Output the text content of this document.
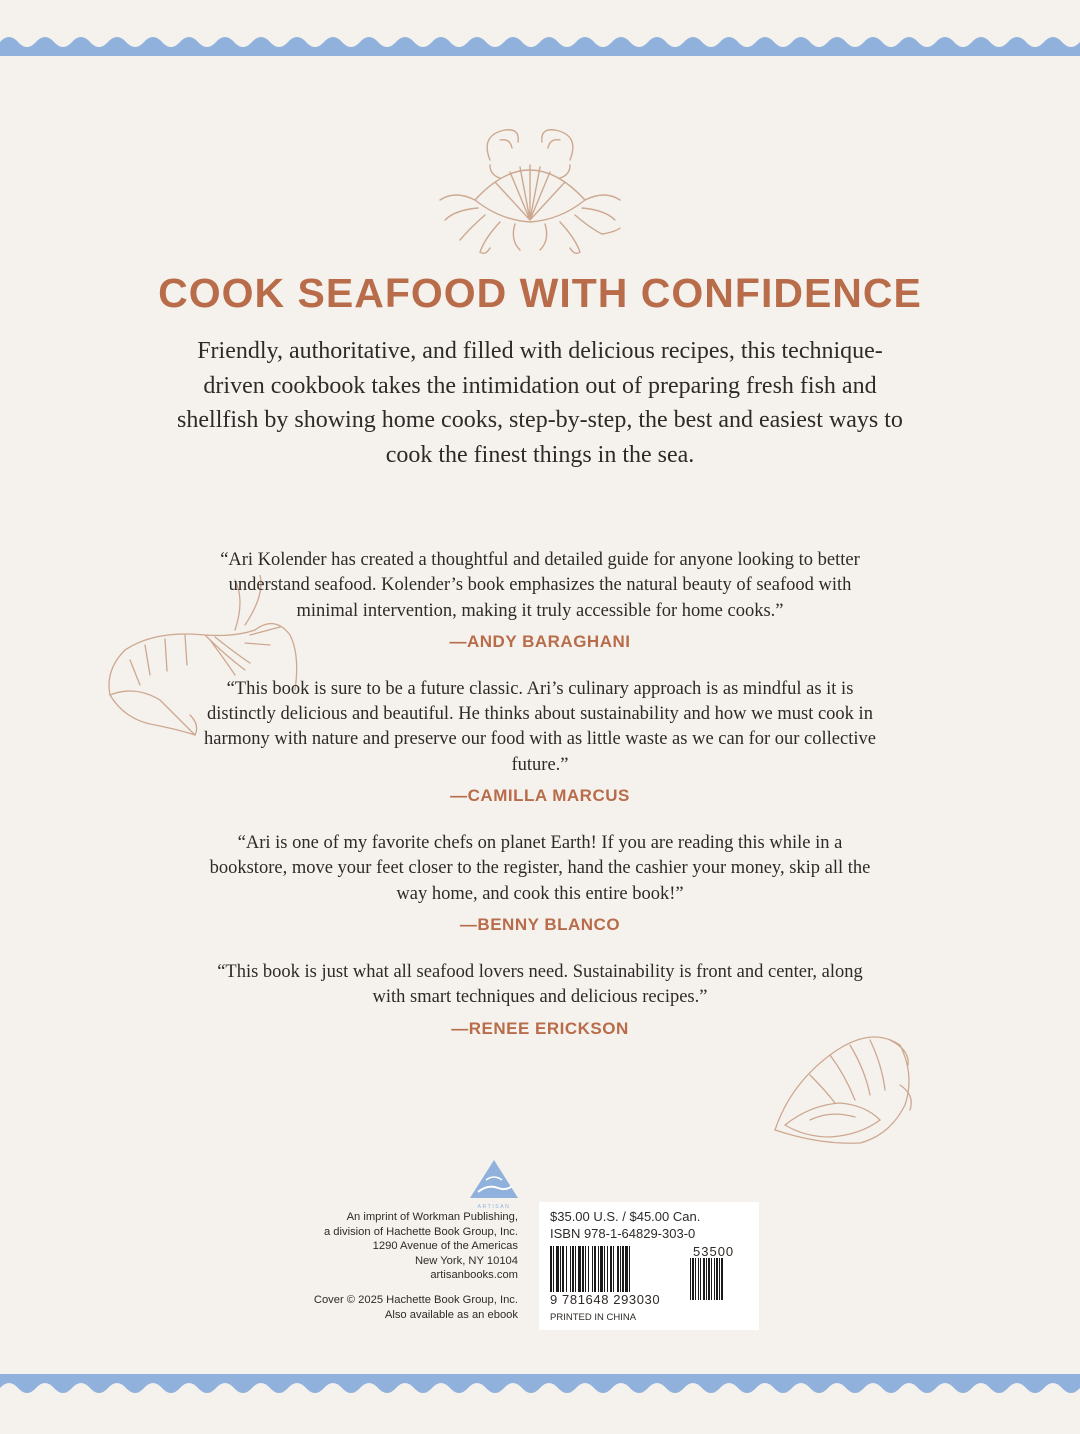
COOK SEAFOOD WITH CONFIDENCE

Friendly, authoritative, and filled with delicious recipes, this technique-driven cookbook takes the intimidation out of preparing fresh fish and shellfish by showing home cooks, step-by-step, the best and easiest ways to cook the finest things in the sea.

“Ari Kolender has created a thoughtful and detailed guide for anyone looking to better understand seafood. Kolender’s book emphasizes the natural beauty of seafood with minimal intervention, making it truly accessible for home cooks.”

—ANDY BARAGHANI

“This book is sure to be a future classic. Ari’s culinary approach is as mindful as it is distinctly delicious and beautiful. He thinks about sustainability and how we must cook in harmony with nature and preserve our food with as little waste as we can for our collective future.”

—CAMILLA MARCUS

“Ari is one of my favorite chefs on planet Earth! If you are reading this while in a bookstore, move your feet closer to the register, hand the cashier your money, skip all the way home, and cook this entire book!”

—BENNY BLANCO

“This book is just what all seafood lovers need. Sustainability is front and center, along with smart techniques and delicious recipes.”

—RENEE ERICKSON

ARTISAN
An imprint of Workman Publishing,
a division of Hachette Book Group, Inc.
1290 Avenue of the Americas
New York, NY 10104
artisanbooks.com
Cover © 2025 Hachette Book Group, Inc.
Also available as an ebook
$35.00 U.S. / $45.00 Can.
ISBN 978-1-64829-303-0
53500
9 781648 293030
PRINTED IN CHINA
